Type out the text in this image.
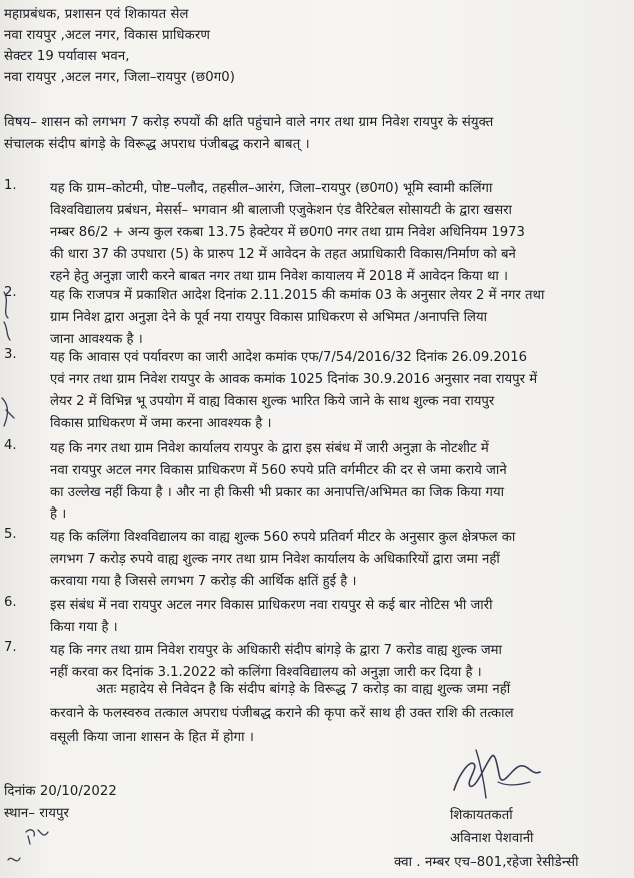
महाप्रबंधक, प्रशासन एवं शिकायत सेल
नवा रायपुर ,अटल नगर, विकास प्राधिकरण
सेक्टर 19 पर्यावास भवन,
नवा रायपुर ,अटल नगर, जिला–रायपुर (छ0ग0)
विषय– शासन को लगभग 7 करोड़ रुपयों की क्षति पहुंचाने वाले नगर तथा ग्राम निवेश रायपुर के संयुक्त
संचालक संदीप बांगड़े के विरूद्ध अपराध पंजीबद्ध कराने बाबत् ।
1.	यह कि ग्राम–कोटमी, पोष्ट–पलौद, तहसील–आरंग, जिला–रायपुर (छ0ग0) भूमि स्वामी कलिंगा
विश्वविद्यालय प्रबंधन, मेसर्स– भगवान श्री बालाजी एजुकेशन एंड वैरिटेबल सोसायटी के द्वारा खसरा
नम्बर 86/2 + अन्य कुल रकबा 13.75 हेक्टेयर में छ0ग0 नगर तथा ग्राम निवेश अधिनियम 1973
की धारा 37 की उपधारा (5) के प्रारुप 12 में आवेदन के तहत अप्राधिकारी विकास/निर्माण को बने
रहने हेतु अनुज्ञा जारी करने बाबत नगर तथा ग्राम निवेश कायालय में 2018 में आवेदन किया था ।
2.	यह कि राजपत्र में प्रकाशित आदेश दिनांक 2.11.2015 की कमांक 03 के अनुसार लेयर 2 में नगर तथा
ग्राम निवेश द्वारा अनुज्ञा देने के पूर्व नया रायपुर विकास प्राधिकरण से अभिमत /अनापत्ति लिया
जाना आवश्यक है ।
3.	यह कि आवास एवं पर्यावरण का जारी आदेश कमांक एफ/7/54/2016/32 दिनांक 26.09.2016
एवं नगर तथा ग्राम निवेश रायपुर के आवक कमांक 1025 दिनांक 30.9.2016 अनुसार नवा रायपुर में
लेयर 2 में विभिन्न भू उपयोग में वाह्य विकास शुल्क भारित किये जाने के साथ शुल्क नवा रायपुर
विकास प्राधिकरण में जमा करना आवश्यक है ।
4.	यह कि नगर तथा ग्राम निवेश कार्यालय रायपुर के द्वारा इस संबंध में जारी अनुज्ञा के नोटशीट में
नवा रायपुर अटल नगर विकास प्राधिकरण में 560 रुपये प्रति वर्गमीटर की दर से जमा कराये जाने
का उल्लेख नहीं किया है । और ना ही किसी भी प्रकार का अनापत्ति/अभिमत का जिक किया गया
है ।
5.	यह कि कलिंगा विश्वविद्यालय का वाह्य शुल्क 560 रुपये प्रतिवर्ग मीटर के अनुसार कुल क्षेत्रफल का
लगभग 7 करोड़ रुपये वाह्य शुल्क नगर तथा ग्राम निवेश कार्यालय के अधिकारियों द्वारा जमा नहीं
करवाया गया है जिससे लगभग 7 करोड़ की आर्थिक क्षतिं हुई है ।
6.	इस संबंध में नवा रायपुर अटल नगर विकास प्राधिकरण नवा रायपुर से कई बार नोटिस भी जारी
किया गया है ।
7.	यह कि नगर तथा ग्राम निवेश रायपुर के अधिकारी संदीप बांगड़े के द्वारा 7 करोड वाह्य शुल्क जमा
नहीं करवा कर दिनांक 3.1.2022 को कलिंगा विश्वविद्यालय को अनुज्ञा जारी कर दिया है ।
अतः महादेय से निवेदन है कि संदीप बांगड़े के विरूद्ध 7 करोड़ का वाह्य शुल्क जमा नहीं
करवाने के फलस्वरुव तत्काल अपराध पंजीबद्ध कराने की कृपा करें साथ ही उक्त राशि की तत्काल
वसूली किया जाना शासन के हित में होगा ।
दिनांक 20/10/2022
स्थान– रायपुर	शिकायतकर्ता
अविनाश पेशवानी
क्वा . नम्बर एच–801,रहेजा रेसीडेन्सी
